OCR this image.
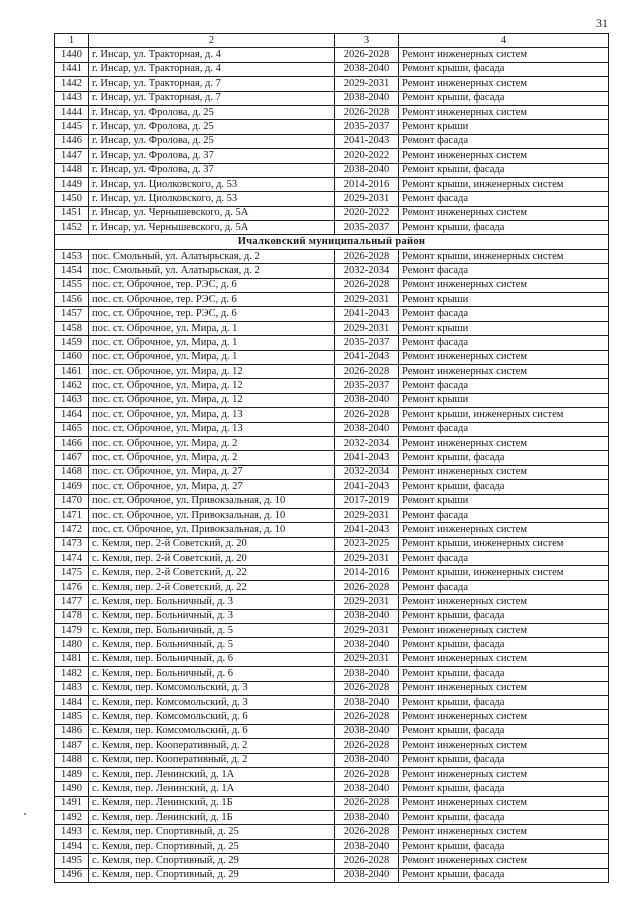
31
1	2	3	4
1440	г. Инсар, ул. Тракторная, д. 4	2026-2028	Ремонт инженерных систем
1441	г. Инсар, ул. Тракторная, д. 4	2038-2040	Ремонт крыши, фасада
1442	г. Инсар, ул. Тракторная, д. 7	2029-2031	Ремонт инженерных систем
1443	г. Инсар, ул. Тракторная, д. 7	2038-2040	Ремонт крыши, фасада
1444	г. Инсар, ул. Фролова, д. 25	2026-2028	Ремонт инженерных систем
1445	г. Инсар, ул. Фролова, д. 25	2035-2037	Ремонт крыши
1446	г. Инсар, ул. Фролова, д. 25	2041-2043	Ремонт фасада
1447	г. Инсар, ул. Фролова, д. 37	2020-2022	Ремонт инженерных систем
1448	г. Инсар, ул. Фролова, д. 37	2038-2040	Ремонт крыши, фасада
1449	г. Инсар, ул. Циолковского, д. 53	2014-2016	Ремонт крыши, инженерных систем
1450	г. Инсар, ул. Циолковского, д. 53	2029-2031	Ремонт фасада
1451	г. Инсар, ул. Чернышевского, д. 5А	2020-2022	Ремонт инженерных систем
1452	г. Инсар, ул. Чернышевского, д. 5А	2035-2037	Ремонт крыши, фасада
Ичалковский муниципальный район			
1453	пос. Смольный, ул. Алатырьская, д. 2	2026-2028	Ремонт крыши, инженерных систем
1454	пос. Смольный, ул. Алатырьская, д. 2	2032-2034	Ремонт фасада
1455	пос. ст. Оброчное, тер. РЭС, д. 6	2026-2028	Ремонт инженерных систем
1456	пос. ст. Оброчное, тер. РЭС, д. 6	2029-2031	Ремонт крыши
1457	пос. ст. Оброчное, тер. РЭС, д. 6	2041-2043	Ремонт фасада
1458	пос. ст. Оброчное, ул. Мира, д. 1	2029-2031	Ремонт крыши
1459	пос. ст. Оброчное, ул. Мира, д. 1	2035-2037	Ремонт фасада
1460	пос. ст. Оброчное, ул. Мира, д. 1	2041-2043	Ремонт инженерных систем
1461	пос. ст. Оброчное, ул. Мира, д. 12	2026-2028	Ремонт инженерных систем
1462	пос. ст. Оброчное, ул. Мира, д. 12	2035-2037	Ремонт фасада
1463	пос. ст. Оброчное, ул. Мира, д. 12	2038-2040	Ремонт крыши
1464	пос. ст. Оброчное, ул. Мира, д. 13	2026-2028	Ремонт крыши, инженерных систем
1465	пос. ст. Оброчное, ул. Мира, д. 13	2038-2040	Ремонт фасада
1466	пос. ст. Оброчное, ул. Мира, д. 2	2032-2034	Ремонт инженерных систем
1467	пос. ст. Оброчное, ул. Мира, д. 2	2041-2043	Ремонт крыши, фасада
1468	пос. ст. Оброчное, ул. Мира, д. 27	2032-2034	Ремонт инженерных систем
1469	пос. ст. Оброчное, ул. Мира, д. 27	2041-2043	Ремонт крыши, фасада
1470	пос. ст. Оброчное, ул. Привокзальная, д. 10	2017-2019	Ремонт крыши
1471	пос. ст. Оброчное, ул. Привокзальная, д. 10	2029-2031	Ремонт фасада
1472	пос. ст. Оброчное, ул. Привокзальная, д. 10	2041-2043	Ремонт инженерных систем
1473	с. Кемля, пер. 2-й Советский, д. 20	2023-2025	Ремонт крыши, инженерных систем
1474	с. Кемля, пер. 2-й Советский, д. 20	2029-2031	Ремонт фасада
1475	с. Кемля, пер. 2-й Советский, д. 22	2014-2016	Ремонт крыши, инженерных систем
1476	с. Кемля, пер. 2-й Советский, д. 22	2026-2028	Ремонт фасада
1477	с. Кемля, пер. Больничный, д. 3	2029-2031	Ремонт инженерных систем
1478	с. Кемля, пер. Больничный, д. 3	2038-2040	Ремонт крыши, фасада
1479	с. Кемля, пер. Больничный, д. 5	2029-2031	Ремонт инженерных систем
1480	с. Кемля, пер. Больничный, д. 5	2038-2040	Ремонт крыши, фасада
1481	с. Кемля, пер. Больничный, д. 6	2029-2031	Ремонт инженерных систем
1482	с. Кемля, пер. Больничный, д. 6	2038-2040	Ремонт крыши, фасада
1483	с. Кемля, пер. Комсомольский, д. 3	2026-2028	Ремонт инженерных систем
1484	с. Кемля, пер. Комсомольский, д. 3	2038-2040	Ремонт крыши, фасада
1485	с. Кемля, пер. Комсомольский, д. 6	2026-2028	Ремонт инженерных систем
1486	с. Кемля, пер. Комсомольский, д. 6	2038-2040	Ремонт крыши, фасада
1487	с. Кемля, пер. Кооперативный, д. 2	2026-2028	Ремонт инженерных систем
1488	с. Кемля, пер. Кооперативный, д. 2	2038-2040	Ремонт крыши, фасада
1489	с. Кемля, пер. Ленинский, д. 1А	2026-2028	Ремонт инженерных систем
1490	с. Кемля, пер. Ленинский, д. 1А	2038-2040	Ремонт крыши, фасада
1491	с. Кемля, пер. Ленинский, д. 1Б	2026-2028	Ремонт инженерных систем
1492	с. Кемля, пер. Ленинский, д. 1Б	2038-2040	Ремонт крыши, фасада
1493	с. Кемля, пер. Спортивный, д. 25	2026-2028	Ремонт инженерных систем
1494	с. Кемля, пер. Спортивный, д. 25	2038-2040	Ремонт крыши, фасада
1495	с. Кемля, пер. Спортивный, д. 29	2026-2028	Ремонт инженерных систем
1496	с. Кемля, пер. Спортивный, д. 29	2038-2040	Ремонт крыши, фасада
